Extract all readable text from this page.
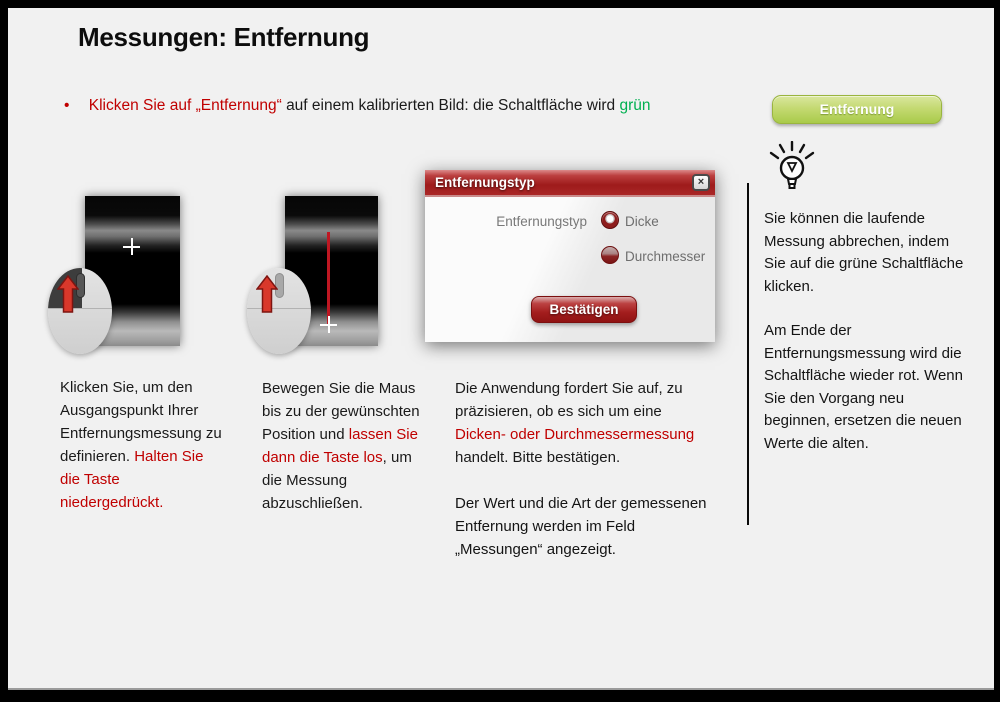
Messungen: Entfernung
• Klicken Sie auf „Entfernung“ auf einem kalibrierten Bild: die Schaltfläche wird grün	Entfernung
Entfernungstyp	×
Entfernungstyp	Dicke
Durchmesser
Bestätigen

Sie können die laufende Messung abbrechen, indem Sie auf die grüne Schaltfläche klicken.

Am Ende der Entfernungsmessung wird die Schaltfläche wieder rot. Wenn Sie den Vorgang neu beginnen, ersetzen die neuen Werte die alten.

Klicken Sie, um den Ausgangspunkt Ihrer Entfernungsmessung zu definieren. Halten Sie die Taste niedergedrückt.
Bewegen Sie die Maus bis zu der gewünschten Position und lassen Sie dann die Taste los, um die Messung abzuschließen.

Die Anwendung fordert Sie auf, zu präzisieren, ob es sich um eine Dicken- oder Durchmessermessung handelt. Bitte bestätigen.

Der Wert und die Art der gemessenen Entfernung werden im Feld „Messungen“ angezeigt.
